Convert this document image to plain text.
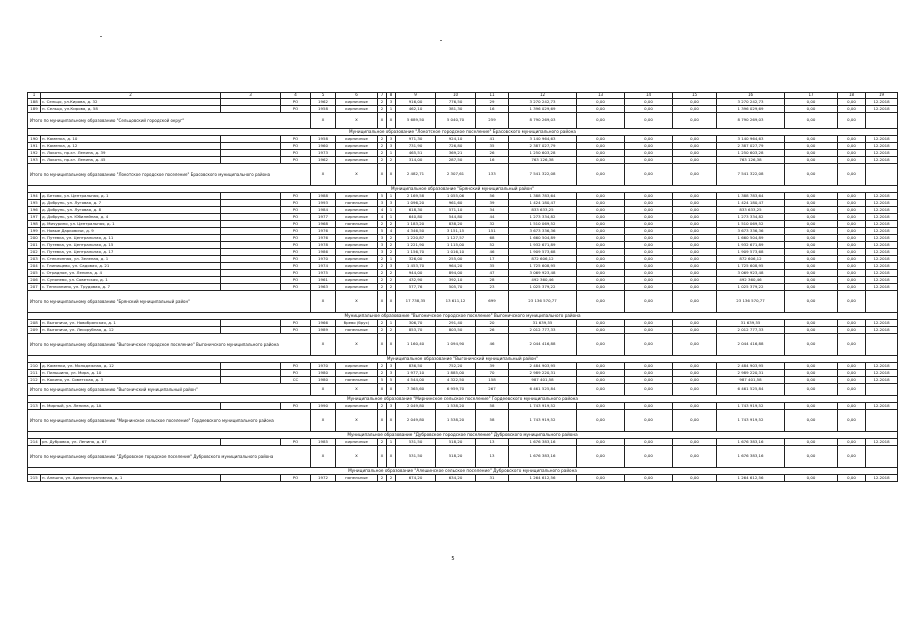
1	2	3	4	5	6	7	8	9	10	11	12	13	14	15	16	17	18	19
188	с. Сельцо, ул.Кирова, д. 32		РО	1962	кирпичные	2	3	916,00	776,50	29	3 270 242,73	0,00	0,00	0,00	3 270 242,73	0,00	0,00	12.2018
189	п. Сельцо, ул.Кирова, д. 58		РО	1958	кирпичные	2	1	462,10	381,30	16	1 396 029,69	0,00	0,00	0,00	1 396 029,69	0,00	0,00	12.2018
Итого по муниципальному образованию "Сельцовский городской округ"				X	X	X	X	5 689,50	5 040,70	259	8 790 269,03	0,00	0,00	0,00	8 790 269,03	0,00	0,00	
Муниципальное образование "Локотское городское поселение" Брасовского муниципального района																		
190	п. Каменка, д. 10		РО	1958	кирпичные	2	3	971,30	924,10	41	3 140 964,63	0,00	0,00	0,00	3 140 964,63	0,00	0,00	12.2018
191	п. Каменка, д. 12		РО	1960	кирпичные	2	3	731,90	726,80	35	2 387 027,79	0,00	0,00	0,00	2 387 027,79	0,00	0,00	12.2018
192	п. Локоть, пр-кт. Ленина, д. 39		РО	1973	кирпичные	2	1	465,51	369,21	26	1 250 603,28	0,00	0,00	0,00	1 250 603,28	0,00	0,00	12.2018
193	п. Локоть, пр-кт. Ленина, д. 45		РО	1962	кирпичные	2	2	314,00	287,50	16	763 126,38	0,00	0,00	0,00	763 126,38	0,00	0,00	12.2018
Итого по муниципальному образованию "Локотское городское поселение" Брасовского муниципального района				X	X	X	X	2 482,71	2 307,61	133	7 541 322,08	0,00	0,00	0,00	7 541 322,08	0,00	0,00	
Муниципальное образование "Брянский муниципальный район"																		
194	д. Бетово, ул. Центральная, д. 1		РО	1988	кирпичные	5	1	2 169,58	1 055,06	56	1 388 783,64	0,00	0,00	0,00	1 388 783,64	0,00	0,00	12.2018
195	д. Добрунь, ул. Луговая, д. 7		РО	1993	панельные	3	3	1 096,20	961,60	39	1 424 180,47	0,00	0,00	0,00	1 424 180,47	0,00	0,00	12.2018
196	д. Добрунь, ул. Луговая, д. 8		РО	1984	кирпичные	4	1	618,30	571,10	34	833 633,25	0,00	0,00	0,00	833 633,25	0,00	0,00	12.2018
197	д. Добрунь, ул. Юбилейная, д. 4		РО	1977	кирпичные	4	1	640,80	544,80	44	1 273 334,82	0,00	0,00	0,00	1 273 334,82	0,00	0,00	12.2018
198	д. Мичурино, ул. Центральная, д. 1		РО	1968	панельные	2	2	1 183,20	838,20	32	1 510 069,52	0,00	0,00	0,00	1 510 069,52	0,00	0,00	12.2018
199	п. Новые Дарковичи, д. 9		РО	1976	кирпичные	5	4	4 346,50	3 151,15	151	3 673 336,36	0,00	0,00	0,00	3 673 336,36	0,00	0,00	12.2018
200	п. Путевка, ул. Центральная, д. 11		РО	1976	кирпичные	3	2	1 220,87	1 127,57	68	1 660 504,89	0,00	0,00	0,00	1 660 504,89	0,00	0,00	12.2018
201	п. Путевка, ул. Центральная, д. 15		РО	1978	кирпичные	3	2	1 221,90	1 115,00	52	1 932 671,89	0,00	0,00	0,00	1 932 671,89	0,00	0,00	12.2018
202	п. Путевка, ул. Центральная, д. 17		РО	1986	панельные	3	2	1 156,70	1 016,10	46	1 909 573,68	0,00	0,00	0,00	1 909 573,68	0,00	0,00	12.2018
203	п. Стеклянная, ул. Зеленая, д. 1		РО	1970	кирпичные	2	1	326,00	255,00	17	872 606,12	0,00	0,00	0,00	872 606,12	0,00	0,00	12.2018
204	с. Глинищево, ул. Садовая, д. 21		РО	1974	кирпичные	2	3	1 453,70	964,20	35	1 725 608,95	0,00	0,00	0,00	1 725 608,95	0,00	0,00	12.2018
205	с. Отрадное, ул. Ленина, д. 4		РО	1975	кирпичные	2	2	944,00	894,00	47	3 069 923,48	0,00	0,00	0,00	3 069 923,48	0,00	0,00	12.2018
206	п. Супонево, ул. Советская, д. 1		РО	1961	кирпичные	2	2	432,90	392,10	28	492 360,46	0,00	0,00	0,00	492 360,46	0,00	0,00	12.2018
207	с. Теплоэнино, ул. Трудовая, д. 7		РО	1963	кирпичные	2	2	577,76	505,70	23	1 025 379,22	0,00	0,00	0,00	1 025 379,22	0,00	0,00	12.2018
Итого по муниципальному образованию "Брянский муниципальный район"				X	X	X	X	17 738,35	13 611,12	699	23 136 570,77	0,00	0,00	0,00	23 136 570,77	0,00	0,00	
Муниципальное образование "Выгоничское городское поселение" Выгоничского муниципального района																		
208	п. Выгоничи, ул. Новобрянская, д. 1		РО	1966	брево (брус)	2	1	306,70	291,40	20	31 639,55	0,00	0,00	0,00	31 639,55	0,00	0,00	12.2018
209	п. Выгоничи, ул. Лесорубная, д. 12		РО	1989	панельные	2	2	853,70	803,50	26	2 012 777,33	0,00	0,00	0,00	2 012 777,33	0,00	0,00	12.2018
Итого по муниципальному образованию "Выгоничское городское поселение" Выгоничского муниципального района				X	X	X	Х	1 160,40	1 094,90	46	2 044 416,88	0,00	0,00	0,00	2 044 416,88	0,00	0,00	
Муниципальное образование "Выгоничский муниципальный район"																		
210	д. Каменки, ул. Молодежная, д. 12		РО	1970	кирпичные	2	3	836,50	752,20	39	2 484 903,95	0,00	0,00	0,00	2 484 903,95	0,00	0,00	12.2018
211	п. Пильшино, ул. Мира, д. 10		РО	1980	кирпичные	2	3	1 977,10	1 885,00	70	2 989 220,31	0,00	0,00	0,00	2 989 220,31	0,00	0,00	12.2018
212	п. Кокино, ул. Советская, д. 3		СС	1980	панельные	5	5	4 544,00	4 322,50	158	987 401,58	0,00	0,00	0,00	987 401,58	0,00	0,00	12.2018
Итого по муниципальному образованию "Выгоничский муниципальный район"				X	X	X	X	7 365,60	6 959,70	267	6 461 525,84	0,00	0,00	0,00	6 461 525,84	0,00	0,00	
Муниципальное образование "Мирнинское сельское поселение" Гордеевского муниципального района																		
213	п. Мирный, ул. Ленина, д. 1А		РО	1990	кирпичные	2	3	2 049,80	1 538,20	58	1 743 919,52	0,00	0,00	0,00	1 743 919,52	0,00	0,00	12.2018
Итого по муниципальному образованию "Мирнинское сельское поселение" Гордеевского муниципального района				X	X	X	X	2 049,80	1 538,20	58	1 743 919,52	0,00	0,00	0,00	1 743 919,52	0,00	0,00	
Муниципальное образование "Дубровское городское поселение" Дубровского муниципального района																		
214	рп. Дубровка, ул. Ленина, д. 67		РО	1985	кирпичные	2	1	531,50	518,20	13	1 676 383,16	0,00	0,00	0,00	1 676 383,16	0,00	0,00	12.2018
Итого по муниципальному образованию "Дубровское городское поселение" Дубровского муниципального района				X	X	X	X	531,50	518,20	13	1 676 383,16	0,00	0,00	0,00	1 676 383,16	0,00	0,00	
Муниципальное образование "Алешинское сельское поселение" Дубровского муниципального района																		
215	п. Алешня, ул. Административная, д. 1		РО	1972	панельные	2	2	674,20	634,20	31	1 264 612,56	0,00	0,00	0,00	1 264 612,56	0,00	0,00	12.2018
5
